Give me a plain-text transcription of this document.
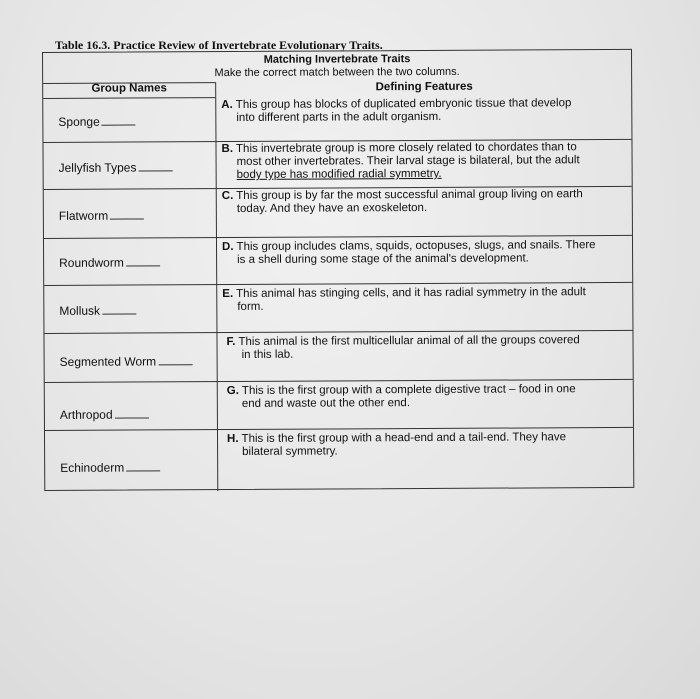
Table 16.3. Practice Review of Invertebrate Evolutionary Traits.
Matching Invertebrate Traits
Make the correct match between the two columns.
Group Names	Defining Features
Sponge
Jellyfish Types
Flatworm
Roundworm
Mollusk
Segmented Worm
Arthropod
Echinoderm
A. This group has blocks of duplicated embryonic tissue that develop
into different parts in the adult organism.
B. This invertebrate group is more closely related to chordates than to
most other invertebrates. Their larval stage is bilateral, but the adult
body type has modified radial symmetry.
C. This group is by far the most successful animal group living on earth
today. And they have an exoskeleton.
D. This group includes clams, squids, octopuses, slugs, and snails. There
is a shell during some stage of the animal's development.
E. This animal has stinging cells, and it has radial symmetry in the adult
form.
F. This animal is the first multicellular animal of all the groups covered
in this lab.
G. This is the first group with a complete digestive tract – food in one
end and waste out the other end.
H. This is the first group with a head-end and a tail-end. They have
bilateral symmetry.
